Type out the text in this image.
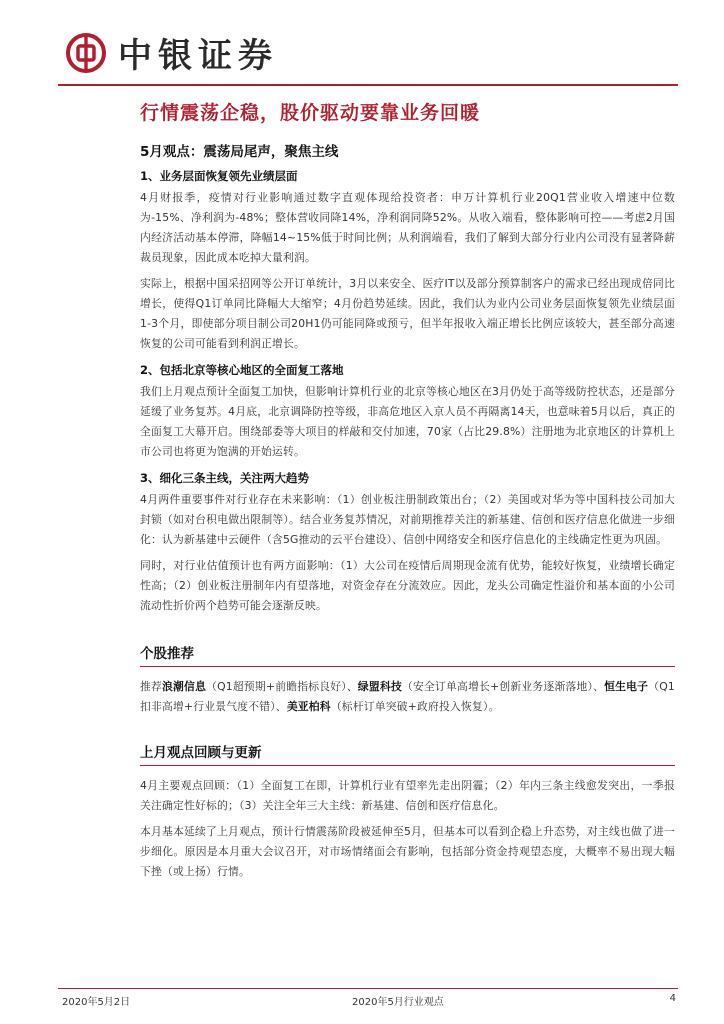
中银证券
行情震荡企稳，股价驱动要靠业务回暖
5月观点：震荡局尾声，聚焦主线
1、业务层面恢复领先业绩层面

4月财报季，疫情对行业影响通过数字直观体现给投资者：申万计算机行业20Q1营业收入增速中位数为-15%、净利润为-48%；整体营收同降14%，净利润同降52%。从收入端看，整体影响可控——考虑2月国内经济活动基本停滞，降幅14~15%低于时间比例；从利润端看，我们了解到大部分行业内公司没有显著降薪裁员现象，因此成本吃掉大量利润。

实际上，根据中国采招网等公开订单统计，3月以来安全、医疗IT以及部分预算制客户的需求已经出现成倍同比增长，使得Q1订单同比降幅大大缩窄；4月份趋势延续。因此，我们认为业内公司业务层面恢复领先业绩层面1-3个月，即使部分项目制公司20H1仍可能同降或预亏，但半年报收入端正增长比例应该较大，甚至部分高速恢复的公司可能看到利润正增长。

2、包括北京等核心地区的全面复工落地

我们上月观点预计全面复工加快，但影响计算机行业的北京等核心地区在3月仍处于高等级防控状态，还是部分延缓了业务复苏。4月底，北京调降防控等级，非高危地区入京人员不再隔离14天，也意味着5月以后，真正的全面复工大幕开启。围绕部委等大项目的样敲和交付加速，70家（占比29.8%）注册地为北京地区的计算机上市公司也将更为饱满的开始运转。

3、细化三条主线，关注两大趋势

4月两件重要事件对行业存在未来影响：（1）创业板注册制政策出台；（2）美国或对华为等中国科技公司加大封锁（如对台积电做出限制等）。结合业务复苏情况，对前期推荐关注的新基建、信创和医疗信息化做进一步细化：认为新基建中云硬件（含5G推动的云平台建设）、信创中网络安全和医疗信息化的主线确定性更为巩固。

同时，对行业估值预计也有两方面影响：（1）大公司在疫情后周期现金流有优势，能较好恢复，业绩增长确定性高；（2）创业板注册制年内有望落地，对资金存在分流效应。因此，龙头公司确定性溢价和基本面的小公司流动性折价两个趋势可能会逐渐反映。

个股推荐

推荐浪潮信息（Q1超预期+前瞻指标良好）、绿盟科技（安全订单高增长+创新业务逐渐落地）、恒生电子（Q1扣非高增+行业景气度不错）、美亚柏科（标杆订单突破+政府投入恢复）。

上月观点回顾与更新

4月主要观点回顾：（1）全面复工在即，计算机行业有望率先走出阴霾；（2）年内三条主线愈发突出，一季报关注确定性好标的；（3）关注全年三大主线：新基建、信创和医疗信息化。

本月基本延续了上月观点，预计行情震荡阶段被延伸至5月，但基本可以看到企稳上升态势，对主线也做了进一步细化。原因是本月重大会议召开，对市场情绪面会有影响，包括部分资金持观望态度，大概率不易出现大幅下挫（或上扬）行情。

2020年5月2日	2020年5月行业观点	4
